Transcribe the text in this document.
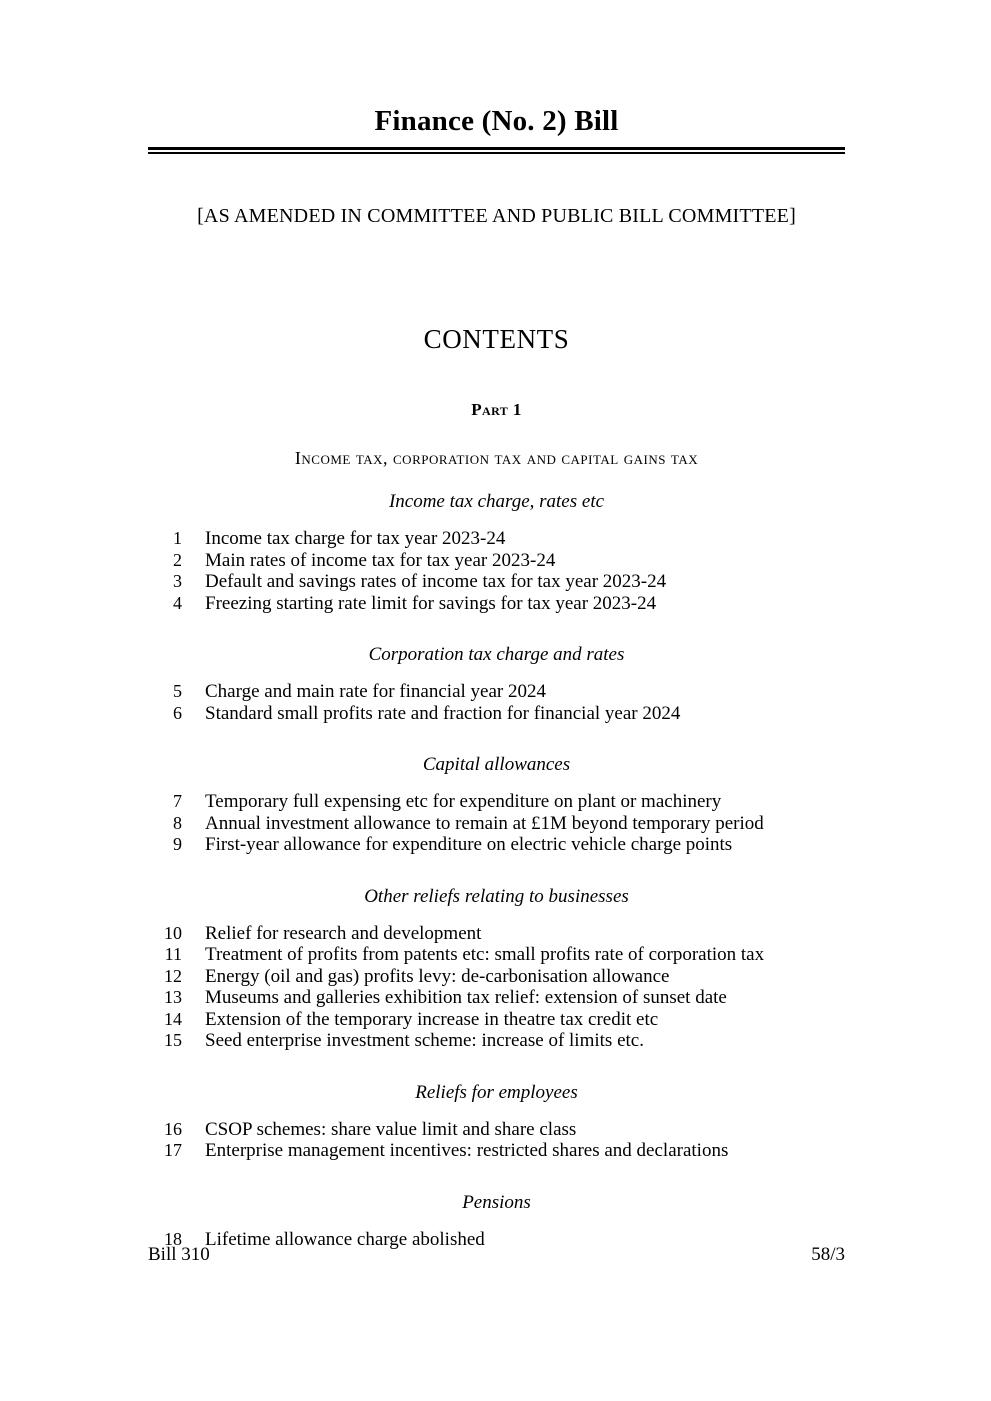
Finance (No. 2) Bill
[AS AMENDED IN COMMITTEE AND PUBLIC BILL COMMITTEE]
CONTENTS
Part 1
Income tax, corporation tax and capital gains tax
Income tax charge, rates etc
1	Income tax charge for tax year 2023-24
2	Main rates of income tax for tax year 2023-24
3	Default and savings rates of income tax for tax year 2023-24
4	Freezing starting rate limit for savings for tax year 2023-24
Corporation tax charge and rates
5	Charge and main rate for financial year 2024
6	Standard small profits rate and fraction for financial year 2024
Capital allowances
7	Temporary full expensing etc for expenditure on plant or machinery
8	Annual investment allowance to remain at £1M beyond temporary period
9	First-year allowance for expenditure on electric vehicle charge points
Other reliefs relating to businesses
10	Relief for research and development
11	Treatment of profits from patents etc: small profits rate of corporation tax
12	Energy (oil and gas) profits levy: de-carbonisation allowance
13	Museums and galleries exhibition tax relief: extension of sunset date
14	Extension of the temporary increase in theatre tax credit etc
15	Seed enterprise investment scheme: increase of limits etc.
Reliefs for employees
16	CSOP schemes: share value limit and share class
17	Enterprise management incentives: restricted shares and declarations
Pensions
18	Lifetime allowance charge abolished
Bill 310	58/3
